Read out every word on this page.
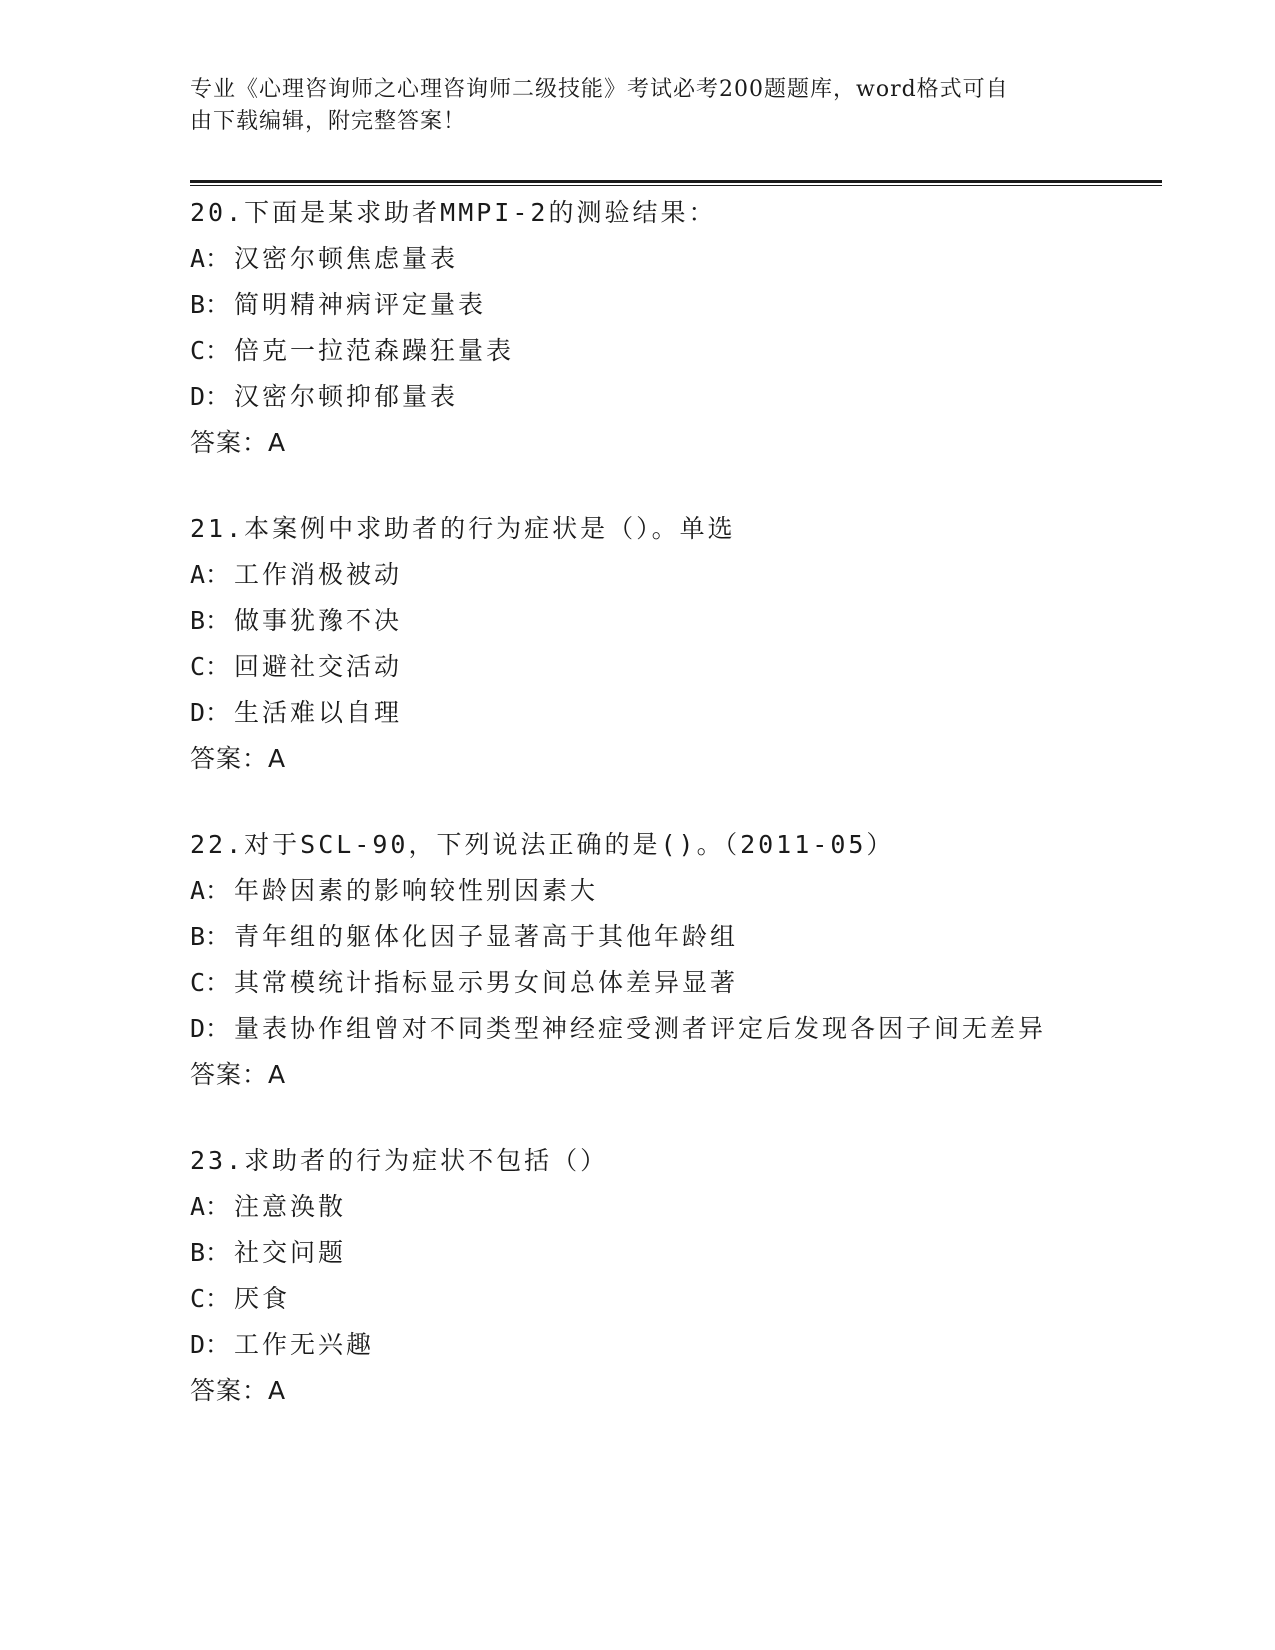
专业《心理咨询师之心理咨询师二级技能》考试必考200题题库，word格式可自
由下载编辑，附完整答案！
20.下面是某求助者MMPI-2的测验结果：
A： 汉密尔顿焦虑量表
B： 简明精神病评定量表
C： 倍克一拉范森躁狂量表
D： 汉密尔顿抑郁量表
答案：A
21.本案例中求助者的行为症状是（）。单选
A： 工作消极被动
B： 做事犹豫不决
C： 回避社交活动
D： 生活难以自理
答案：A
22.对于SCL-90，下列说法正确的是()。（2011-05）
A： 年龄因素的影响较性别因素大
B： 青年组的躯体化因子显著高于其他年龄组
C： 其常模统计指标显示男女间总体差异显著
D： 量表协作组曾对不同类型神经症受测者评定后发现各因子间无差异
答案：A
23.求助者的行为症状不包括（）
A： 注意涣散
B： 社交问题
C： 厌食
D： 工作无兴趣
答案：A
